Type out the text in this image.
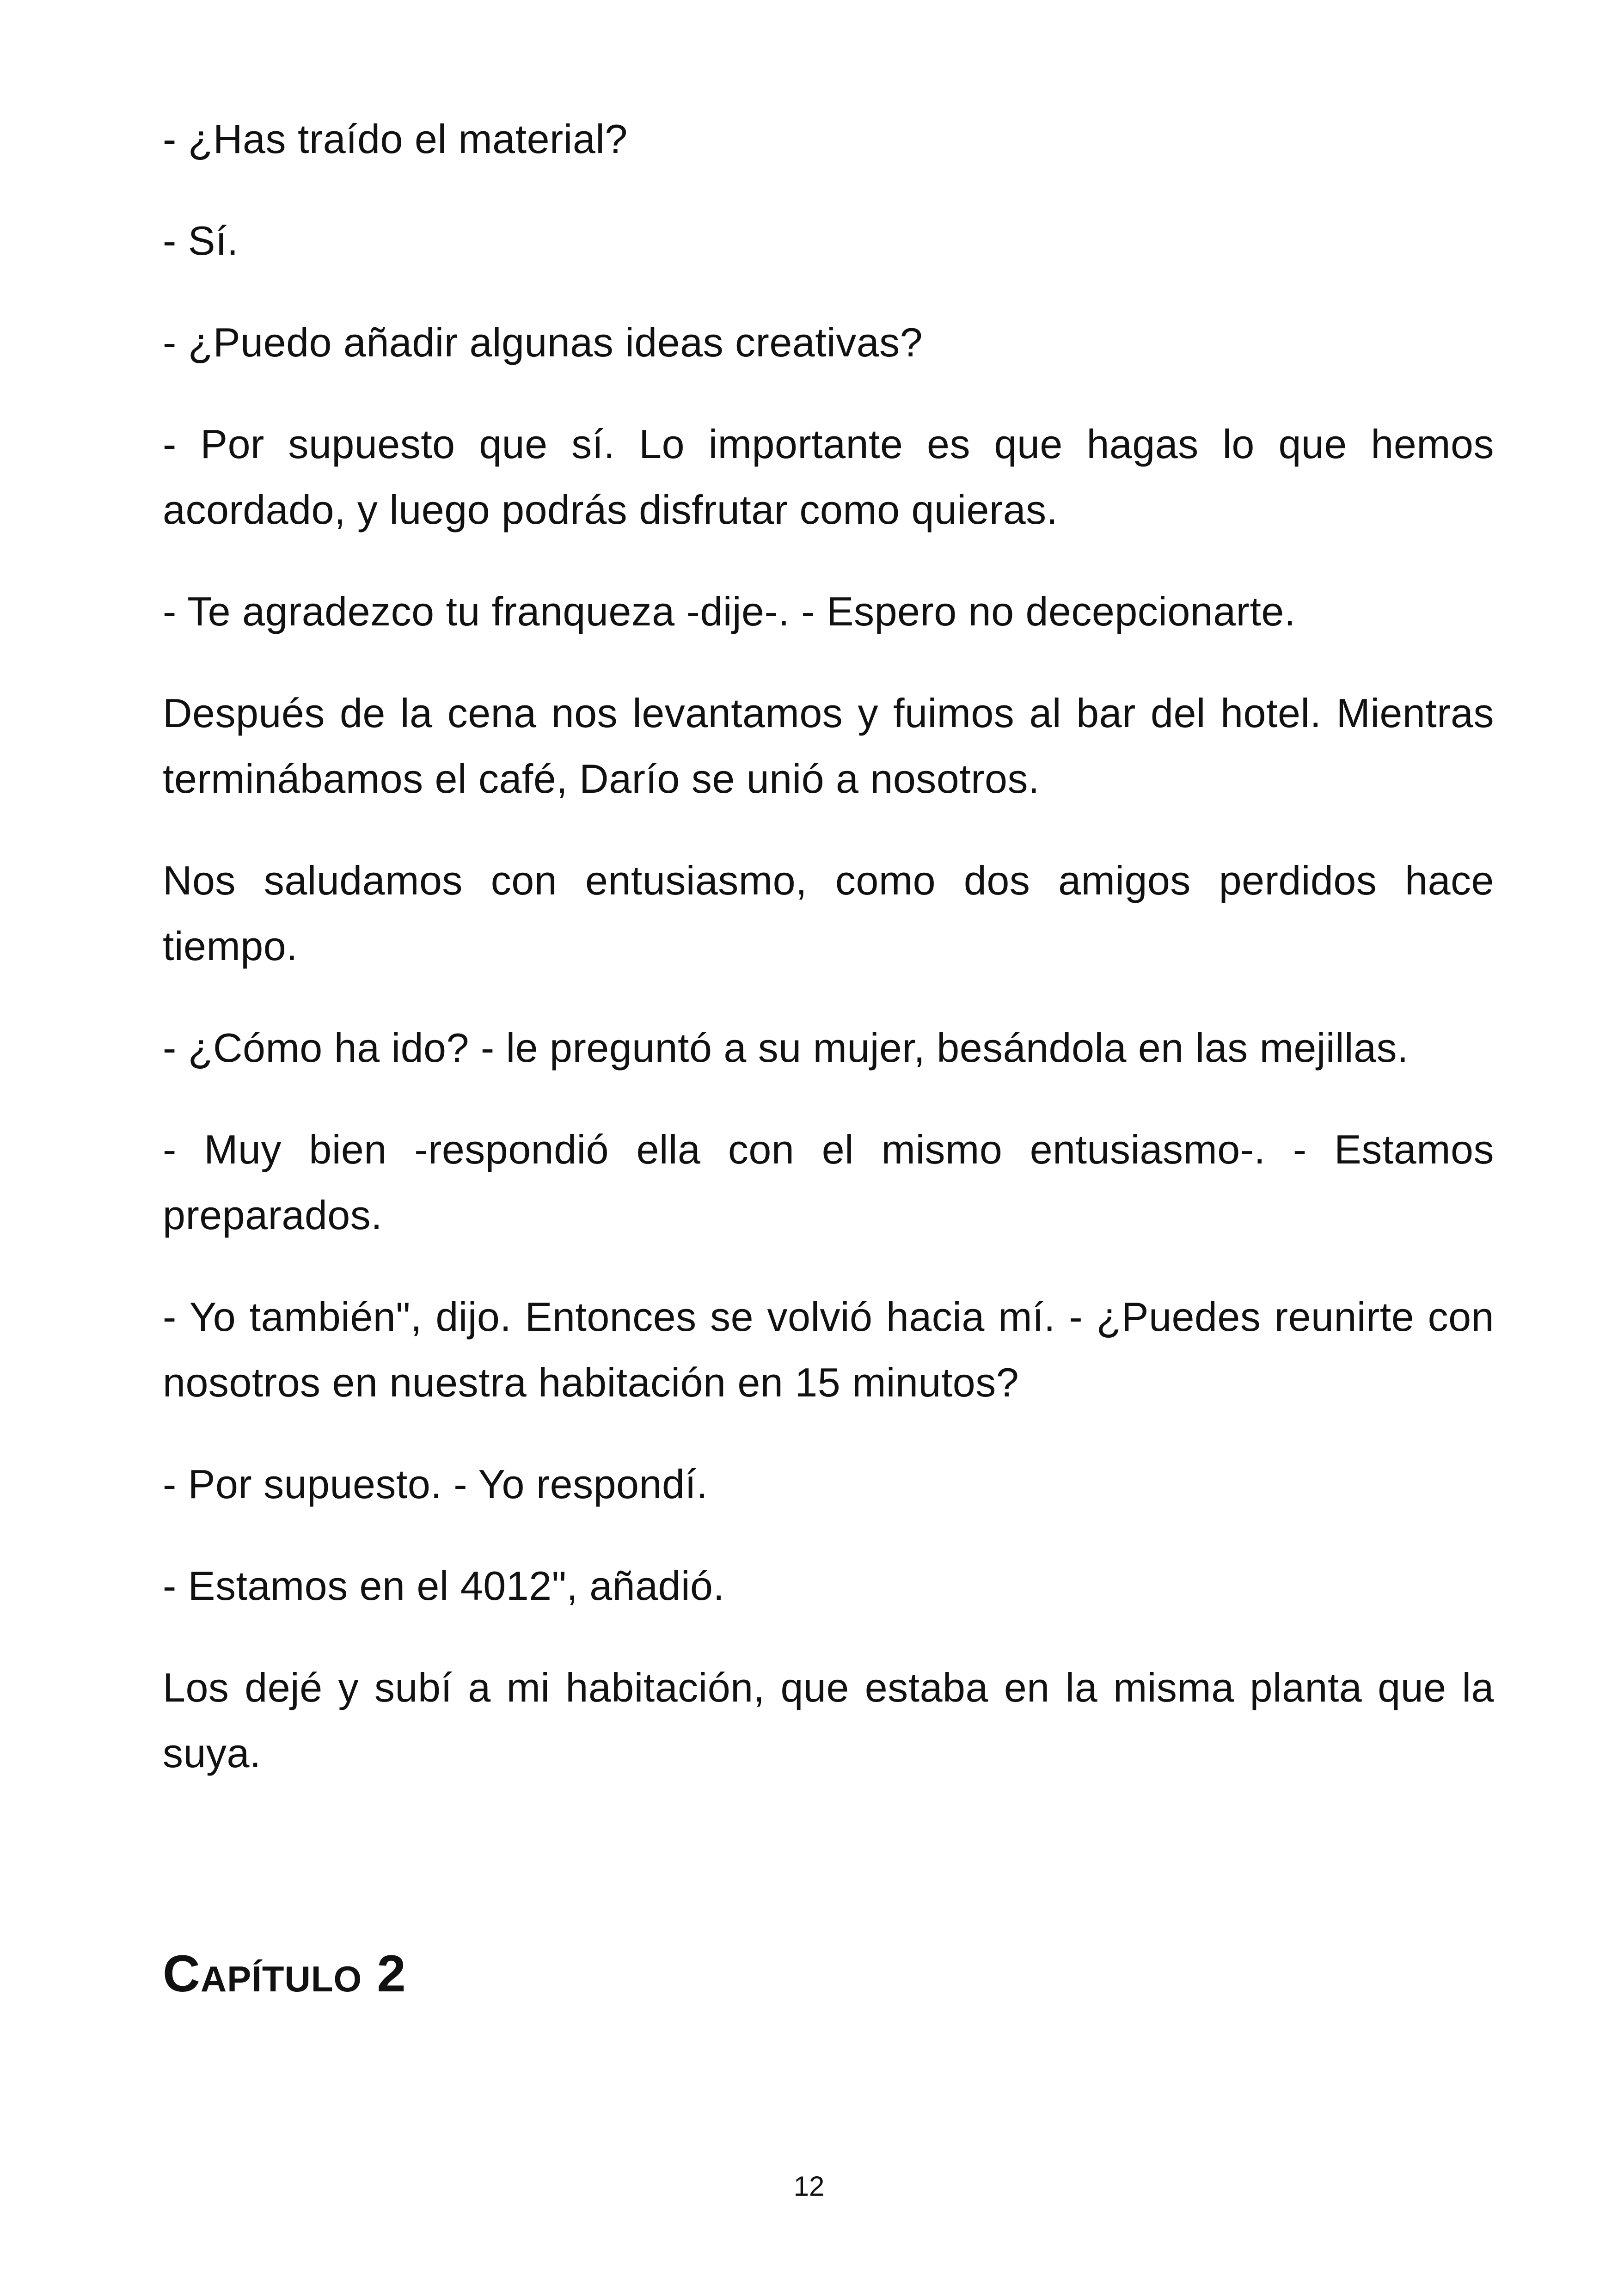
- ¿Has traído el material?

- Sí.

- ¿Puedo añadir algunas ideas creativas?

- Por supuesto que sí. Lo importante es que hagas lo que hemos acordado, y luego podrás disfrutar como quieras.

- Te agradezco tu franqueza -dije-. - Espero no decepcionarte.

Después de la cena nos levantamos y fuimos al bar del hotel. Mientras terminábamos el café, Darío se unió a nosotros.

Nos saludamos con entusiasmo, como dos amigos perdidos hace tiempo.

- ¿Cómo ha ido? - le preguntó a su mujer, besándola en las mejillas.

- Muy bien -respondió ella con el mismo entusiasmo-. - Estamos preparados.

- Yo también", dijo. Entonces se volvió hacia mí. - ¿Puedes reunirte con nosotros en nuestra habitación en 15 minutos?

- Por supuesto. - Yo respondí.

- Estamos en el 4012", añadió.

Los dejé y subí a mi habitación, que estaba en la misma planta que la suya.

Capítulo 2
12
